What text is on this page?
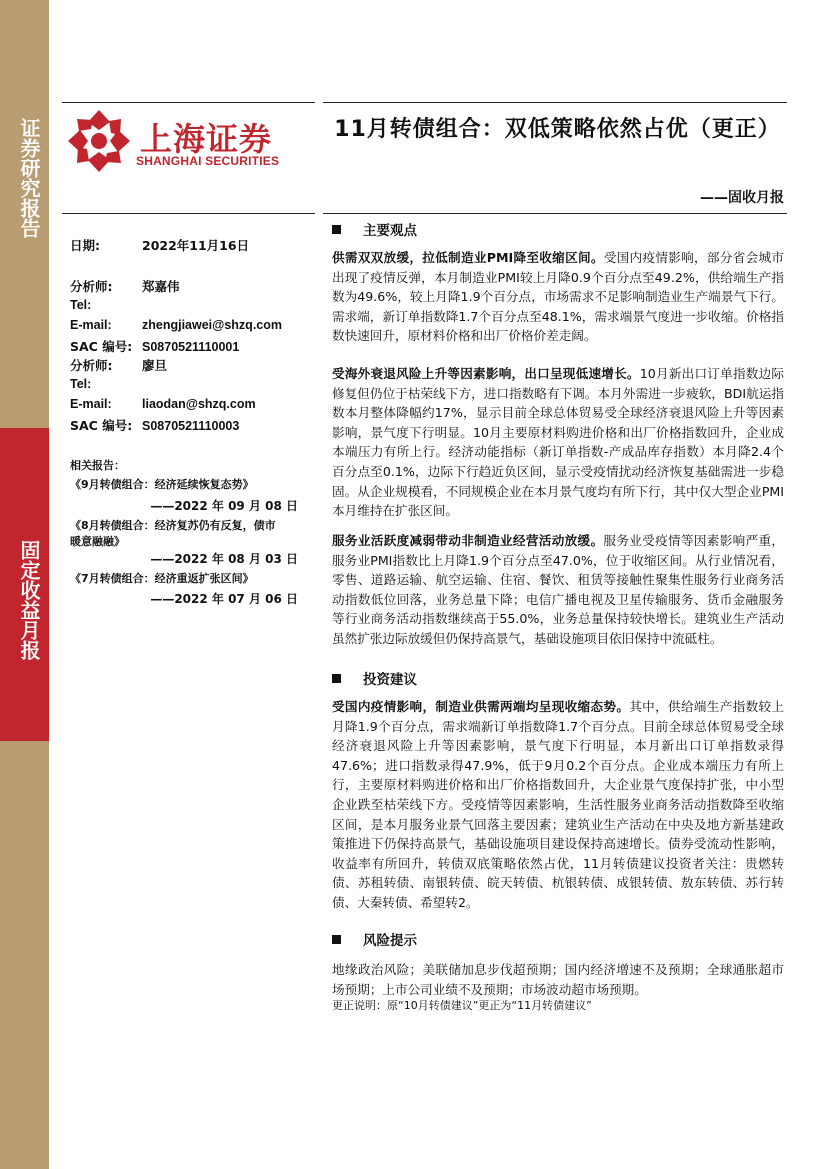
证券研究报告
固定收益月报
上海证券
SHANGHAI SECURITIES
11月转债组合：双低策略依然占优（更正）
——固收月报
日期:	2022年11月16日
分析师: 郑嘉伟
Tel:
E-mail: zhengjiawei@shzq.com
SAC 编号: S0870521110001
分析师: 廖旦
Tel:
E-mail: liaodan@shzq.com
SAC 编号: S0870521110003
相关报告：
《9月转债组合：经济延续恢复态势》
——2022 年 09 月 08 日
《8月转债组合：经济复苏仍有反复，债市
暖意融融》
——2022 年 08 月 03 日
《7月转债组合：经济重返扩张区间》
——2022 年 07 月 06 日
主要观点
供需双双放缓，拉低制造业PMI降至收缩区间。受国内疫情影响，部分省会城市出现了疫情反弹，本月制造业PMI较上月降0.9个百分点至49.2%，供给端生产指数为49.6%，较上月降1.9个百分点，市场需求不足影响制造业生产端景气下行。需求端，新订单指数降1.7个百分点至48.1%，需求端景气度进一步收缩。价格指数快速回升，原材料价格和出厂价格价差走阔。
受海外衰退风险上升等因素影响，出口呈现低速增长。10月新出口订单指数边际修复但仍位于枯荣线下方，进口指数略有下调。本月外需进一步疲软，BDI航运指数本月整体降幅约17%，显示目前全球总体贸易受全球经济衰退风险上升等因素影响，景气度下行明显。10月主要原材料购进价格和出厂价格指数回升，企业成本端压力有所上行。经济动能指标（新订单指数-产成品库存指数）本月降2.4个百分点至0.1%，边际下行趋近负区间，显示受疫情扰动经济恢复基础需进一步稳固。从企业规模看，不同规模企业在本月景气度均有所下行，其中仅大型企业PMI本月维持在扩张区间。
服务业活跃度减弱带动非制造业经营活动放缓。服务业受疫情等因素影响严重，服务业PMI指数比上月降1.9个百分点至47.0%，位于收缩区间。从行业情况看，零售、道路运输、航空运输、住宿、餐饮、租赁等接触性聚集性服务行业商务活动指数低位回落，业务总量下降；电信广播电视及卫星传输服务、货币金融服务等行业商务活动指数继续高于55.0%，业务总量保持较快增长。建筑业生产活动虽然扩张边际放缓但仍保持高景气，基础设施项目依旧保持中流砥柱。
投资建议
受国内疫情影响，制造业供需两端均呈现收缩态势。其中，供给端生产指数较上月降1.9个百分点，需求端新订单指数降1.7个百分点。目前全球总体贸易受全球经济衰退风险上升等因素影响，景气度下行明显，本月新出口订单指数录得47.6%；进口指数录得47.9%，低于9月0.2个百分点。企业成本端压力有所上行，主要原材料购进价格和出厂价格指数回升，大企业景气度保持扩张，中小型企业跌至枯荣线下方。受疫情等因素影响，生活性服务业商务活动指数降至收缩区间，是本月服务业景气回落主要因素；建筑业生产活动在中央及地方新基建政策推进下仍保持高景气，基础设施项目建设保持高速增长。债券受流动性影响，收益率有所回升，转债双底策略依然占优，11月转债建议投资者关注：贵燃转债、苏租转债、南银转债、皖天转债、杭银转债、成银转债、敖东转债、苏行转债、大秦转债、希望转2。
风险提示
地缘政治风险；美联储加息步伐超预期；国内经济增速不及预期；全球通胀超市场预期；上市公司业绩不及预期；市场波动超市场预期。
更正说明：原“10月转债建议”更正为“11月转债建议”
